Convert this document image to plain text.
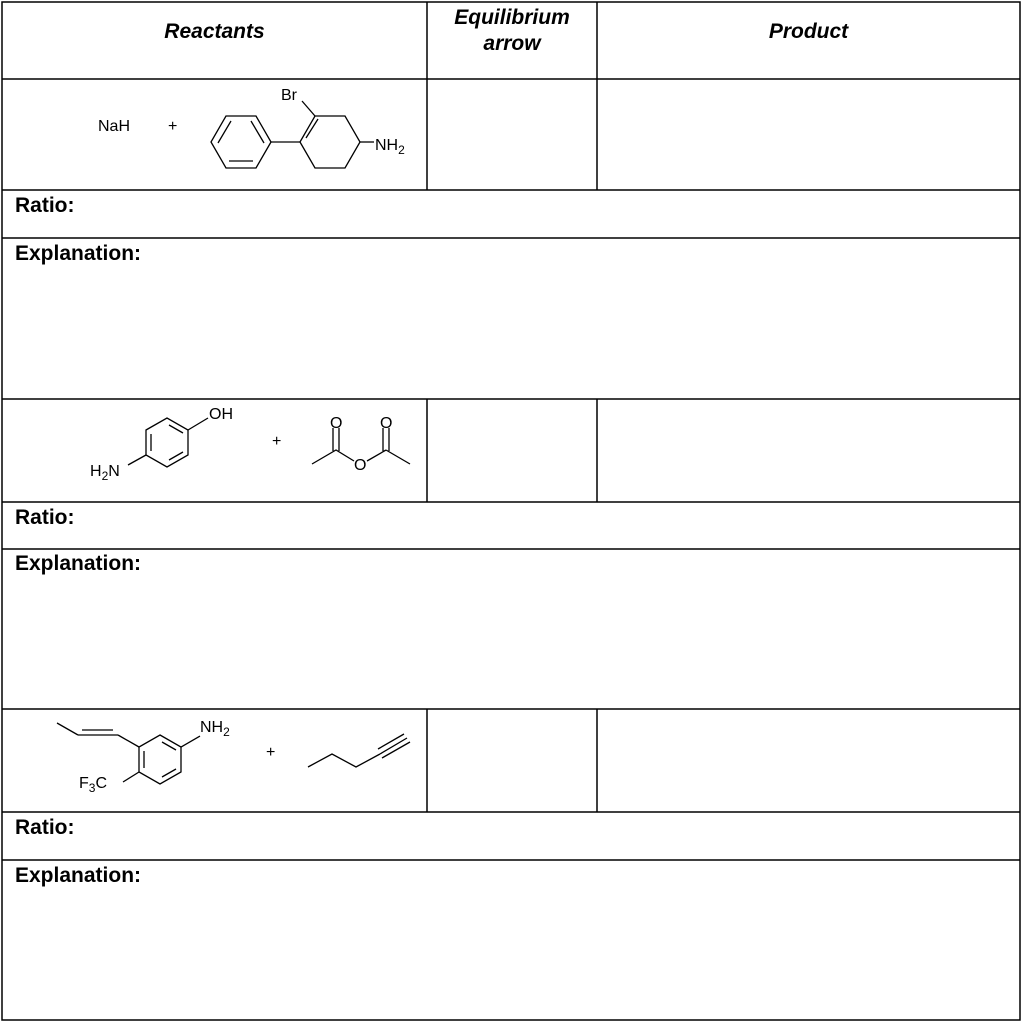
Reactants
Equilibrium
arrow
Product
Ratio:
Explanation:
Ratio:
Explanation:
Ratio:
Explanation:
NaH +
Br
$NH_2$
OH
$H_2N$
+
O
O
O
$NH_2$
$F_3C$
+
